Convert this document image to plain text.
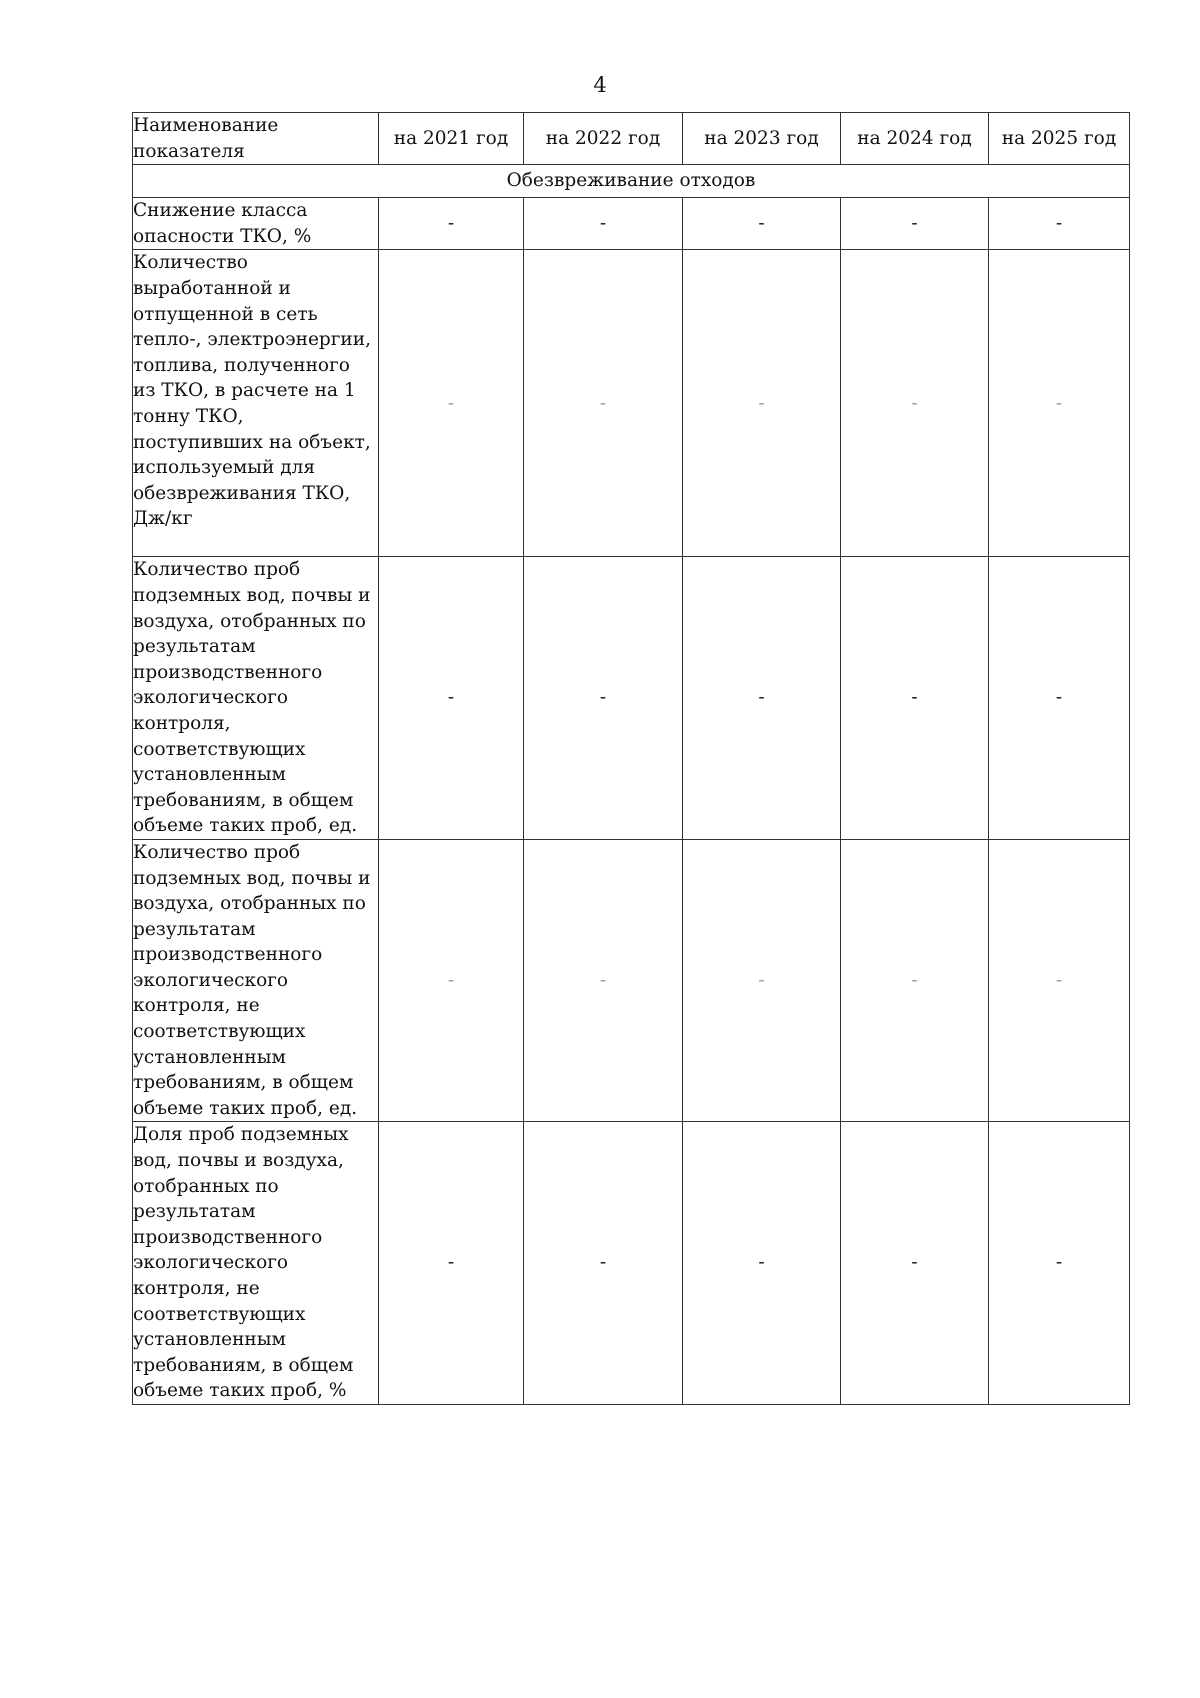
4
Наименование показателя	на 2021 год	на 2022 год	на 2023 год	на 2024 год	на 2025 год
Обезвреживание отходов					
Снижение класса опасности ТКО, %	-	-	-	-	-
Количество выработанной и отпущенной в сеть тепло-, электроэнергии, топлива, полученного из ТКО, в расчете на 1 тонну ТКО, поступивших на объект, используемый для обезвреживания ТКО, Дж/кг	-	-	-	-	-
Количество проб подземных вод, почвы и воздуха, отобранных по результатам производственного экологического контроля, соответствующих установленным требованиям, в общем объеме таких проб, ед.	-	-	-	-	-
Количество проб подземных вод, почвы и воздуха, отобранных по результатам производственного экологического контроля, не соответствующих установленным требованиям, в общем объеме таких проб, ед.	-	-	-	-	-
Доля проб подземных вод, почвы и воздуха, отобранных по результатам производственного экологического контроля, не соответствующих установленным требованиям, в общем объеме таких проб, %	-	-	-	-	-
